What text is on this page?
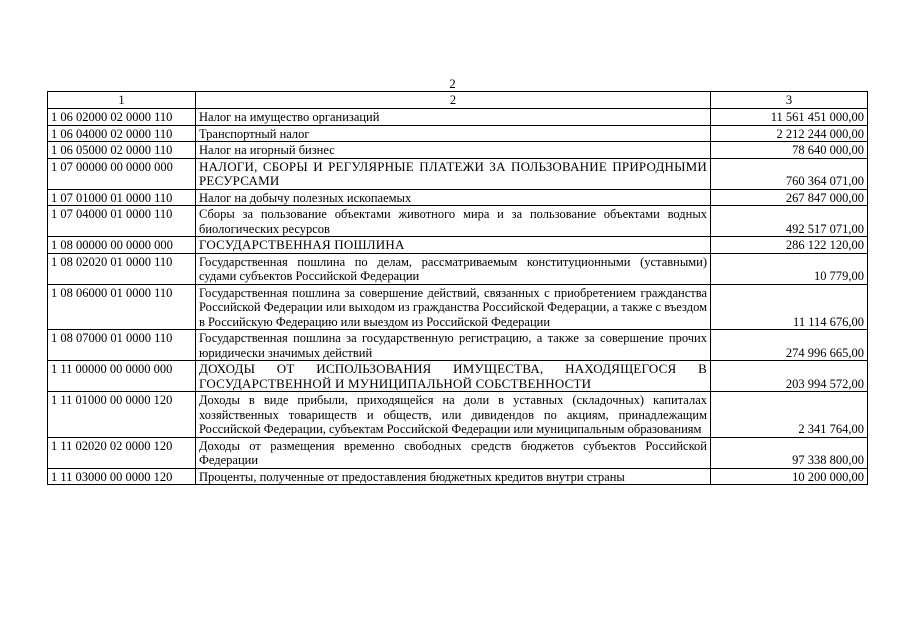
2
1	2	3
1 06 02000 02 0000 110	Налог на имущество организаций	11 561 451 000,00
1 06 04000 02 0000 110	Транспортный налог	2 212 244 000,00
1 06 05000 02 0000 110	Налог на игорный бизнес	78 640 000,00
1 07 00000 00 0000 000	НАЛОГИ, СБОРЫ И РЕГУЛЯРНЫЕ ПЛАТЕЖИ ЗА ПОЛЬЗОВАНИЕ ПРИРОДНЫМИ РЕСУРСАМИ	760 364 071,00
1 07 01000 01 0000 110	Налог на добычу полезных ископаемых	267 847 000,00
1 07 04000 01 0000 110	Сборы за пользование объектами животного мира и за пользование объектами водных биологических ресурсов	492 517 071,00
1 08 00000 00 0000 000	ГОСУДАРСТВЕННАЯ ПОШЛИНА	286 122 120,00
1 08 02020 01 0000 110	Государственная пошлина по делам, рассматриваемым конституционными (уставными) судами субъектов Российской Федерации	10 779,00
1 08 06000 01 0000 110	Государственная пошлина за совершение действий, связанных с приобретением гражданства Российской Федерации или выходом из гражданства Российской Федерации, а также с въездом в Российскую Федерацию или выездом из Российской Федерации	11 114 676,00
1 08 07000 01 0000 110	Государственная пошлина за государственную регистрацию, а также за совершение прочих юридически значимых действий	274 996 665,00
1 11 00000 00 0000 000	ДОХОДЫ ОТ ИСПОЛЬЗОВАНИЯ ИМУЩЕСТВА, НАХОДЯЩЕГОСЯ В ГОСУДАРСТВЕННОЙ И МУНИЦИПАЛЬНОЙ СОБСТВЕННОСТИ	203 994 572,00
1 11 01000 00 0000 120	Доходы в виде прибыли, приходящейся на доли в уставных (складочных) капиталах хозяйственных товариществ и обществ, или дивидендов по акциям, принадлежащим Российской Федерации, субъектам Российской Федерации или муниципальным образованиям	2 341 764,00
1 11 02020 02 0000 120	Доходы от размещения временно свободных средств бюджетов субъектов Российской Федерации	97 338 800,00
1 11 03000 00 0000 120	Проценты, полученные от предоставления бюджетных кредитов внутри страны	10 200 000,00
